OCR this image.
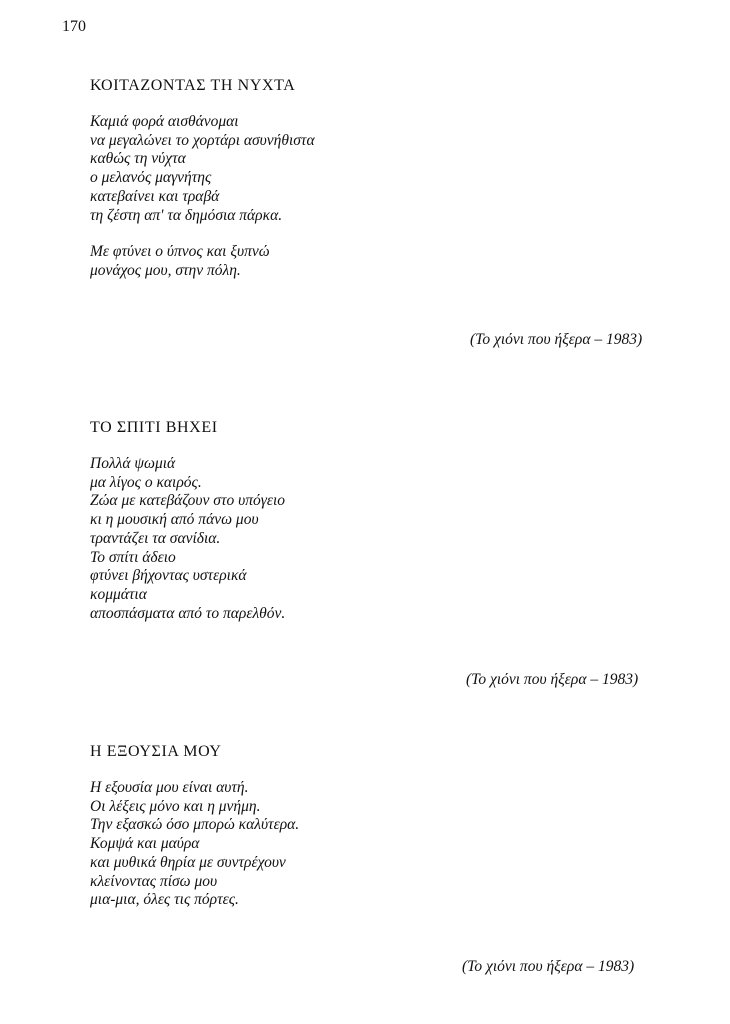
170
ΚΟΙΤΑΖΟΝΤΑΣ ΤΗ ΝΥΧΤΑ
Καμιά φορά αισθάνομαι
να μεγαλώνει το χορτάρι ασυνήθιστα
καθώς τη νύχτα
ο μελανός μαγνήτης
κατεβαίνει και τραβά
τη ζέστη απ' τα δημόσια πάρκα.
Με φτύνει ο ύπνος και ξυπνώ
μονάχος μου, στην πόλη.
(Το χιόνι που ήξερα – 1983)
ΤΟ ΣΠΙΤΙ ΒΗΧΕΙ
Πολλά ψωμιά
μα λίγος ο καιρός.
Ζώα με κατεβάζουν στο υπόγειο
κι η μουσική από πάνω μου
τραντάζει τα σανίδια.
Το σπίτι άδειο
φτύνει βήχοντας υστερικά
κομμάτια
αποσπάσματα από το παρελθόν.
(Το χιόνι που ήξερα – 1983)
Η ΕΞΟΥΣΙΑ ΜΟΥ
Η εξουσία μου είναι αυτή.
Οι λέξεις μόνο και η μνήμη.
Την εξασκώ όσο μπορώ καλύτερα.
Κομψά και μαύρα
και μυθικά θηρία με συντρέχουν
κλείνοντας πίσω μου
μια-μια, όλες τις πόρτες.
(Το χιόνι που ήξερα – 1983)
